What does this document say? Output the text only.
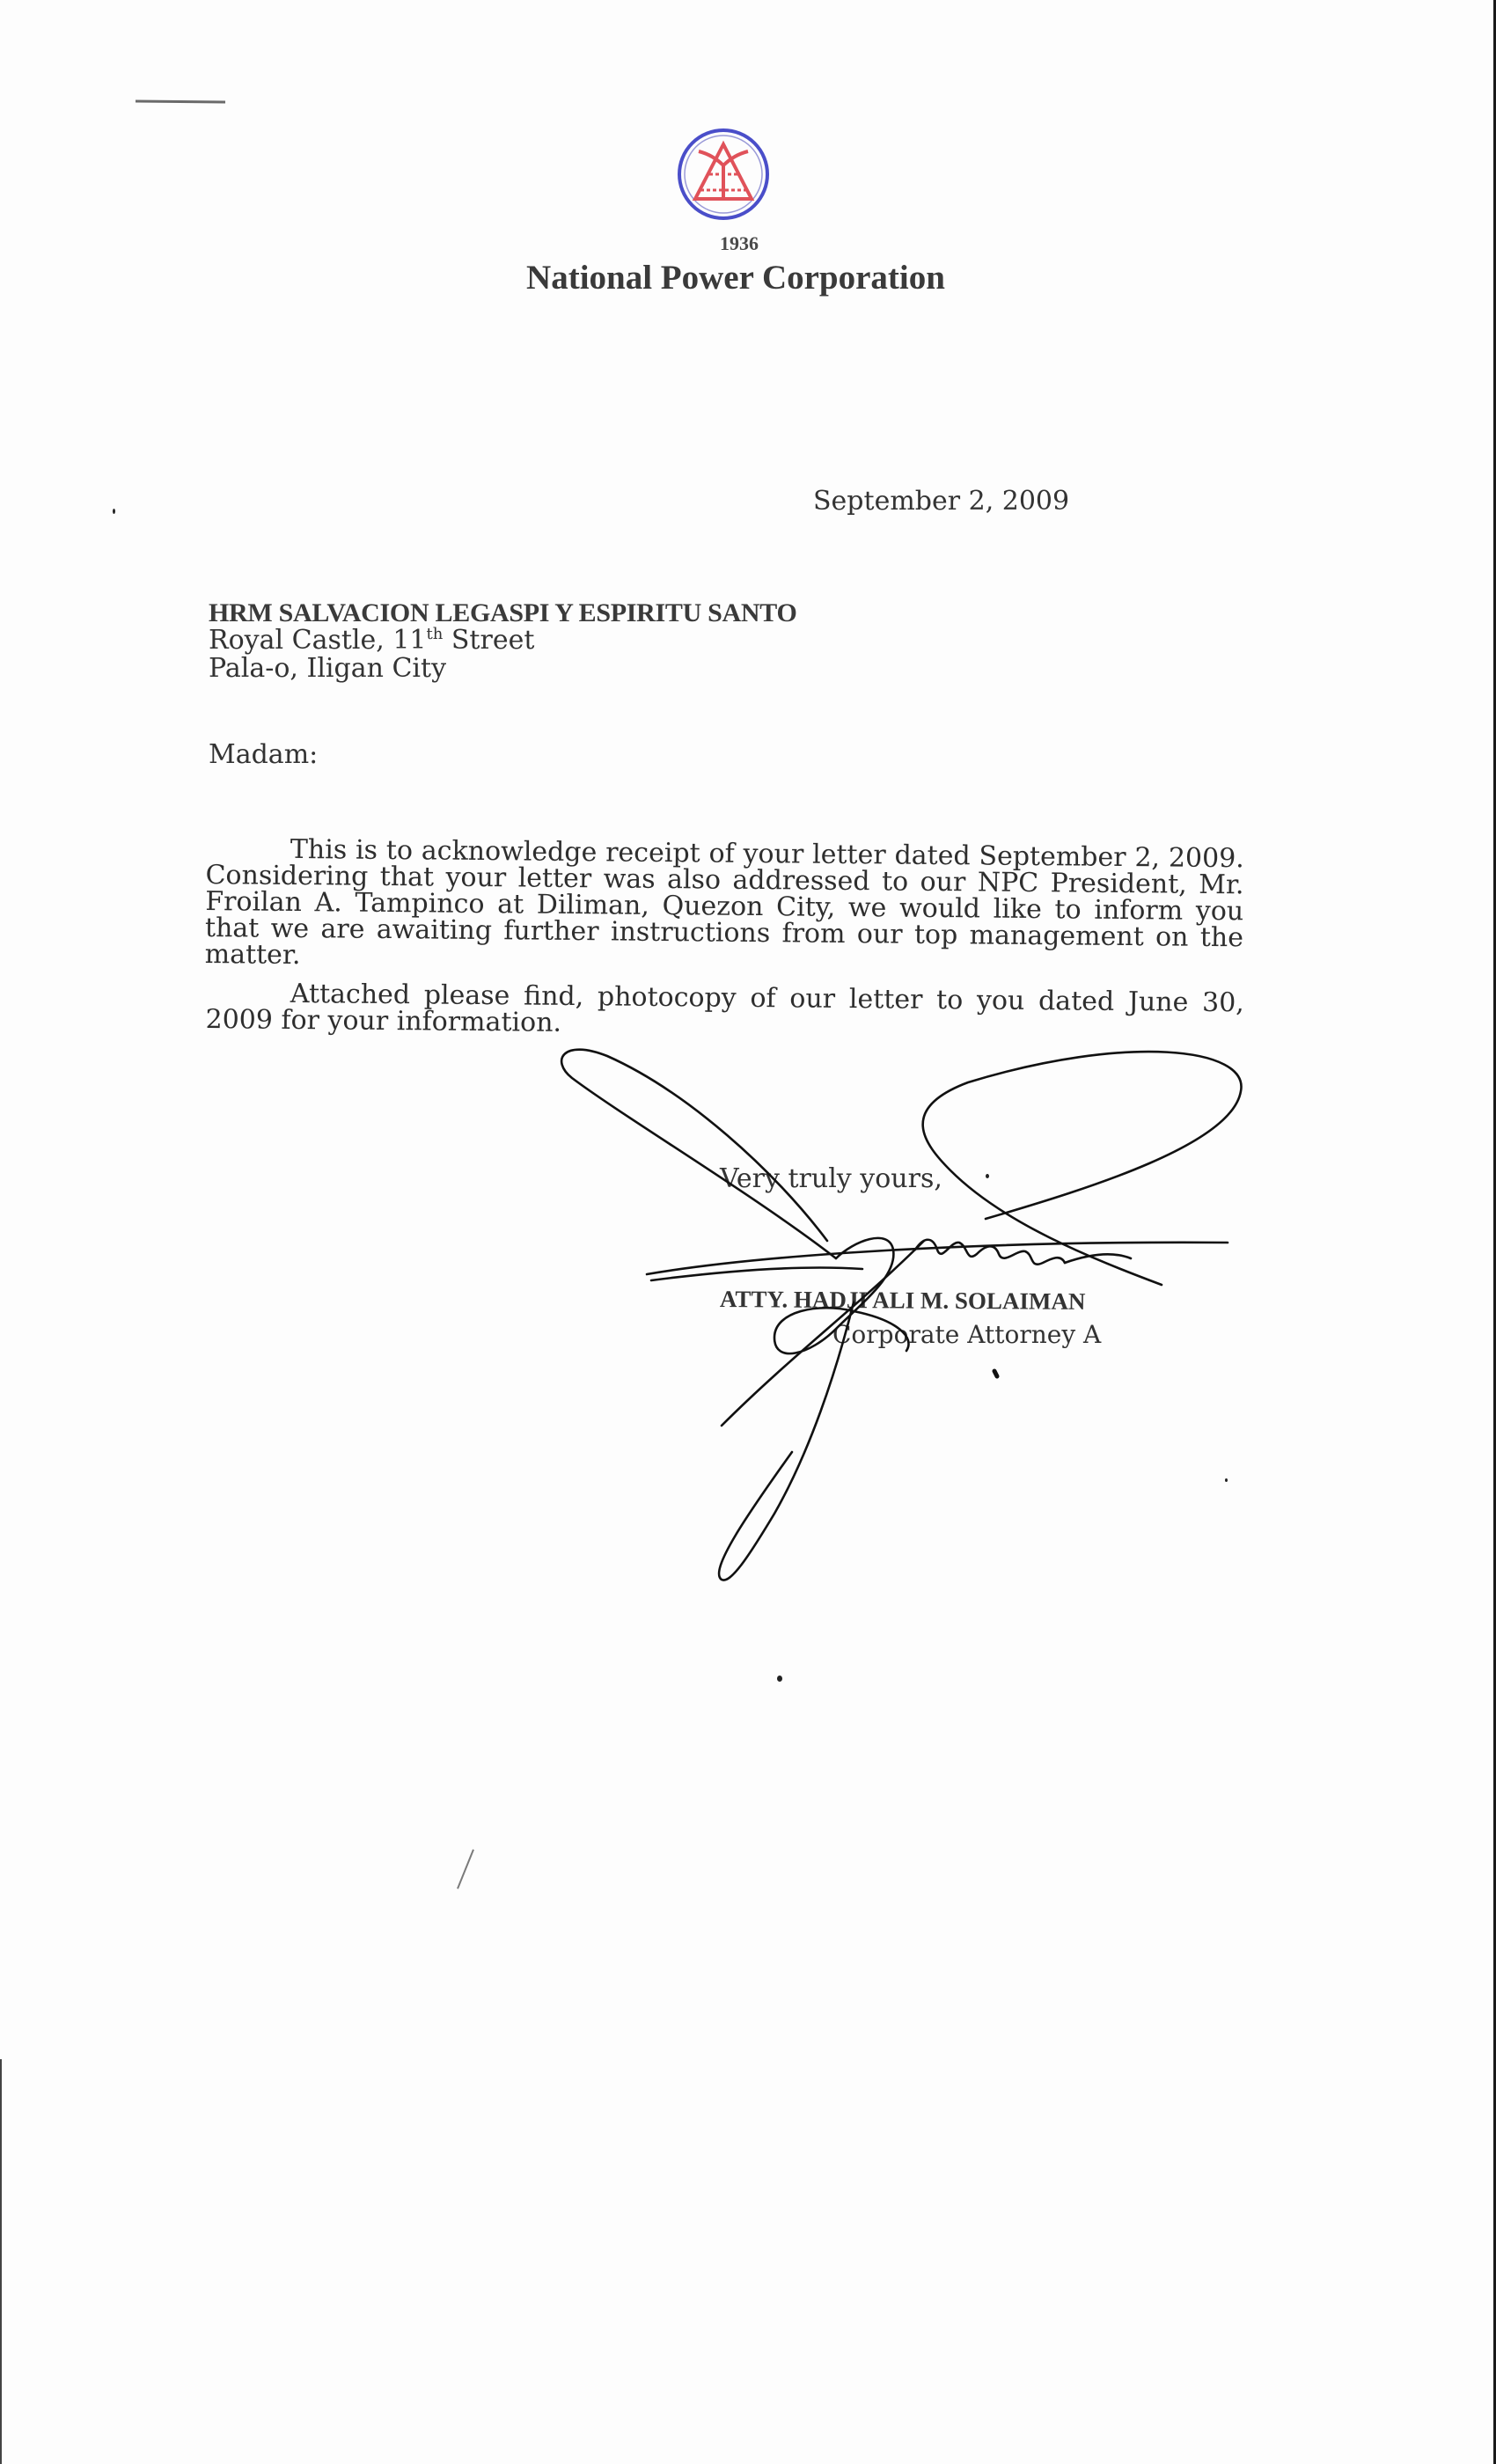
1936
National Power Corporation
September 2, 2009
HRM SALVACION LEGASPI Y ESPIRITU SANTO
Royal Castle, 11th Street
Pala-o, Iligan City
Madam:
This is to acknowledge receipt of your letter dated September 2, 2009. Considering that your letter was also addressed to our NPC President, Mr. Froilan A. Tampinco at Diliman, Quezon City, we would like to inform you that we are awaiting further instructions from our top management on the matter.
Attached please find, photocopy of our letter to you dated June 30, 2009 for your information.
Very truly yours,
ATTY. HADJI ALI M. SOLAIMAN
Corporate Attorney A
